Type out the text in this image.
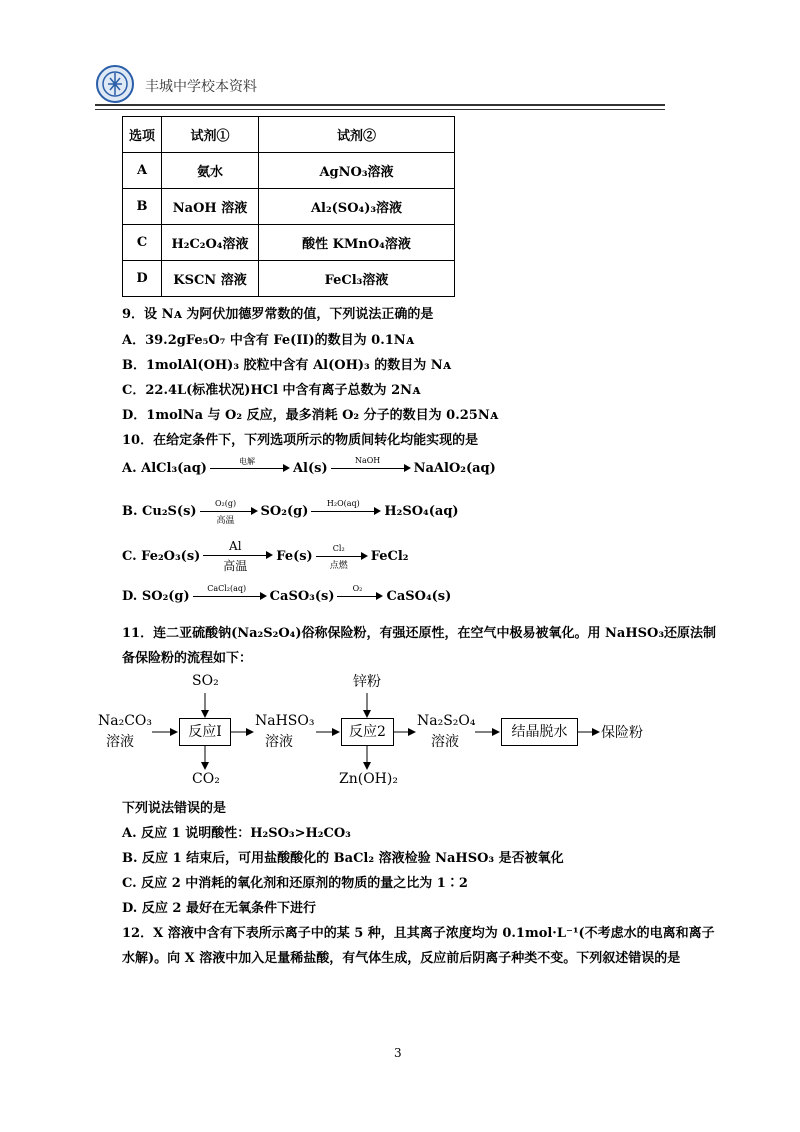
丰城中学校本资料
选项	试剂①	试剂②
A	氨水	AgNO₃溶液
B	NaOH 溶液	Al₂(SO₄)₃溶液
C	H₂C₂O₄溶液	酸性 KMnO₄溶液
D	KSCN 溶液	FeCl₃溶液
9．设 Nᴀ 为阿伏加德罗常数的值，下列说法正确的是
A．39.2gFe₅O₇ 中含有 Fe(II)的数目为 0.1Nᴀ
B．1molAl(OH)₃ 胶粒中含有 Al(OH)₃ 的数目为 Nᴀ
C．22.4L(标准状况)HCl 中含有离子总数为 2Nᴀ
D．1molNa 与 O₂ 反应，最多消耗 O₂ 分子的数目为 0.25Nᴀ
10．在给定条件下，下列选项所示的物质间转化均能实现的是
A. AlCl₃(aq)	电解	Al(s)	NaOH	NaAlO₂(aq)
B. Cu₂S(s)	O₂(g)
高温
SO₂(g)	H₂O(aq)	H₂SO₄(aq)
C. Fe₂O₃(s)
Al
高温
Fe(s)	Cl₂
点燃
FeCl₂
D. SO₂(g)	CaCl₂(aq)	CaSO₃(s)	O₂	CaSO₄(s)
11．连二亚硫酸钠(Na₂S₂O₄)俗称保险粉，有强还原性，在空气中极易被氧化。用 NaHSO₃还原法制
备保险粉的流程如下：
Na₂CO₃
溶液
SO₂
反应Ⅰ
CO₂
NaHSO₃
溶液
锌粉
反应2
Zn(OH)₂
Na₂S₂O₄
溶液
结晶脱水	保险粉
下列说法错误的是
A. 反应 1 说明酸性：H₂SO₃>H₂CO₃
B. 反应 1 结束后，可用盐酸酸化的 BaCl₂ 溶液检验 NaHSO₃ 是否被氧化
C. 反应 2 中消耗的氧化剂和还原剂的物质的量之比为 1∶2
D. 反应 2 最好在无氧条件下进行
12．X 溶液中含有下表所示离子中的某 5 种，且其离子浓度均为 0.1mol·L⁻¹(不考虑水的电离和离子
水解)。向 X 溶液中加入足量稀盐酸，有气体生成，反应前后阴离子种类不变。下列叙述错误的是
3
